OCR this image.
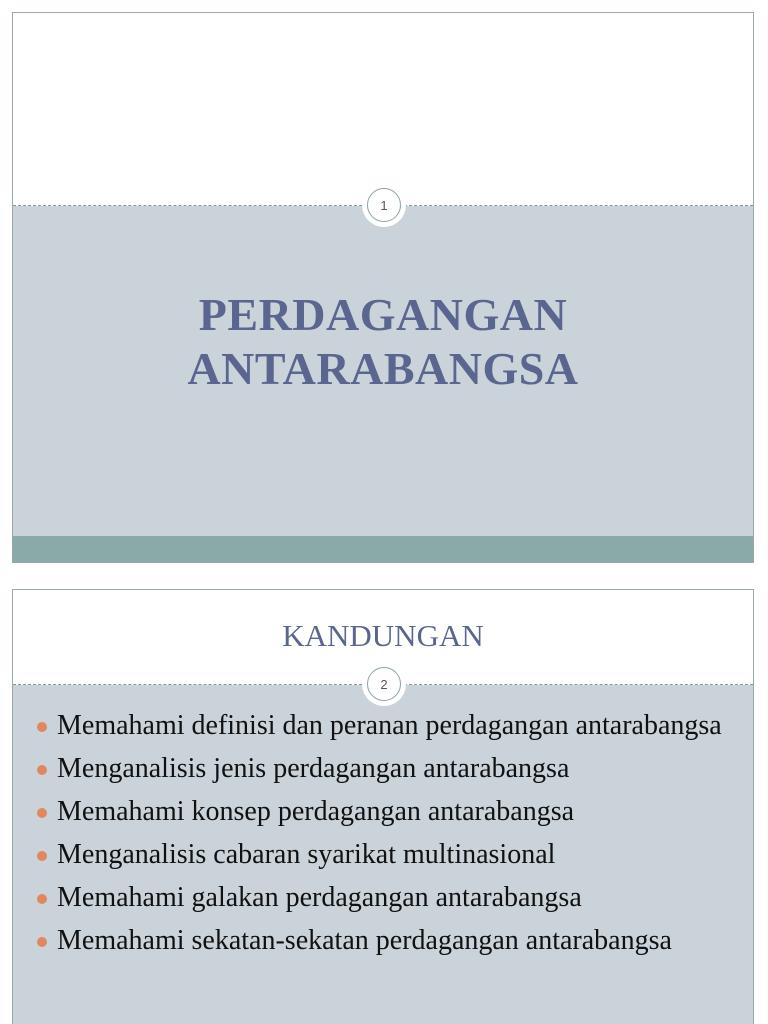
1
PERDAGANGAN
ANTARABANGSA
KANDUNGAN
2
Memahami definisi dan peranan perdagangan antarabangsa
Menganalisis jenis perdagangan antarabangsa
Memahami konsep perdagangan antarabangsa
Menganalisis cabaran syarikat multinasional
Memahami galakan perdagangan antarabangsa
Memahami sekatan-sekatan perdagangan antarabangsa
